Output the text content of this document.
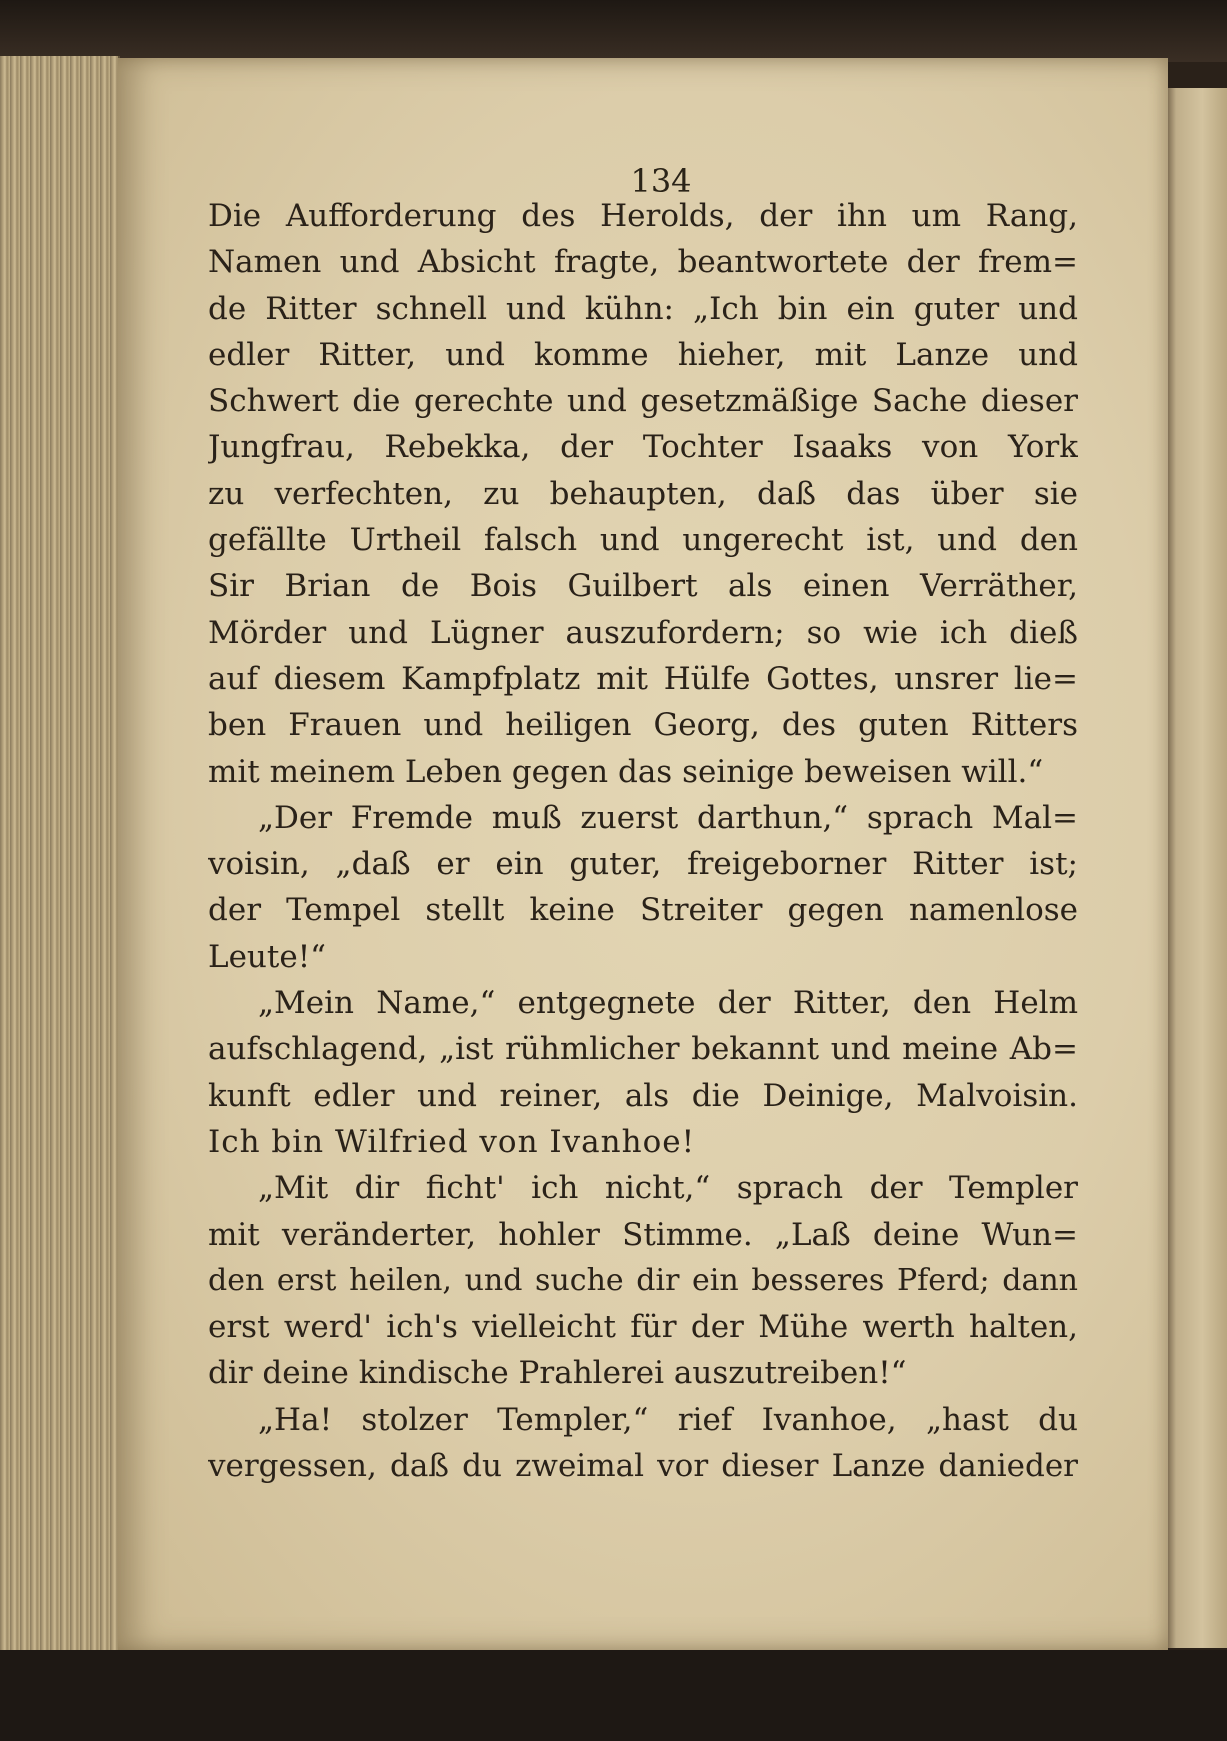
134
Die Aufforderung des Herolds, der ihn um Rang,
Namen und Absicht fragte, beantwortete der frem=
de Ritter schnell und kühn: „Ich bin ein guter und
edler Ritter, und komme hieher, mit Lanze und
Schwert die gerechte und gesetzmäßige Sache dieser
Jungfrau, Rebekka, der Tochter Isaaks von York
zu verfechten, zu behaupten, daß das über sie
gefällte Urtheil falsch und ungerecht ist, und den
Sir Brian de Bois Guilbert als einen Verräther,
Mörder und Lügner auszufordern; so wie ich dieß
auf diesem Kampfplatz mit Hülfe Gottes, unsrer lie=
ben Frauen und heiligen Georg, des guten Ritters
mit meinem Leben gegen das seinige beweisen will.“
„Der Fremde muß zuerst darthun,“ sprach Mal=
voisin, „daß er ein guter, freigeborner Ritter ist;
der Tempel stellt keine Streiter gegen namenlose
Leute!“
„Mein Name,“ entgegnete der Ritter, den Helm
aufschlagend, „ist rühmlicher bekannt und meine Ab=
kunft edler und reiner, als die Deinige, Malvoisin.
Ich bin Wilfried von Ivanhoe!
„Mit dir ficht' ich nicht,“ sprach der Templer
mit veränderter, hohler Stimme. „Laß deine Wun=
den erst heilen, und suche dir ein besseres Pferd; dann
erst werd' ich's vielleicht für der Mühe werth halten,
dir deine kindische Prahlerei auszutreiben!“
„Ha! stolzer Templer,“ rief Ivanhoe, „hast du
vergessen, daß du zweimal vor dieser Lanze danieder
